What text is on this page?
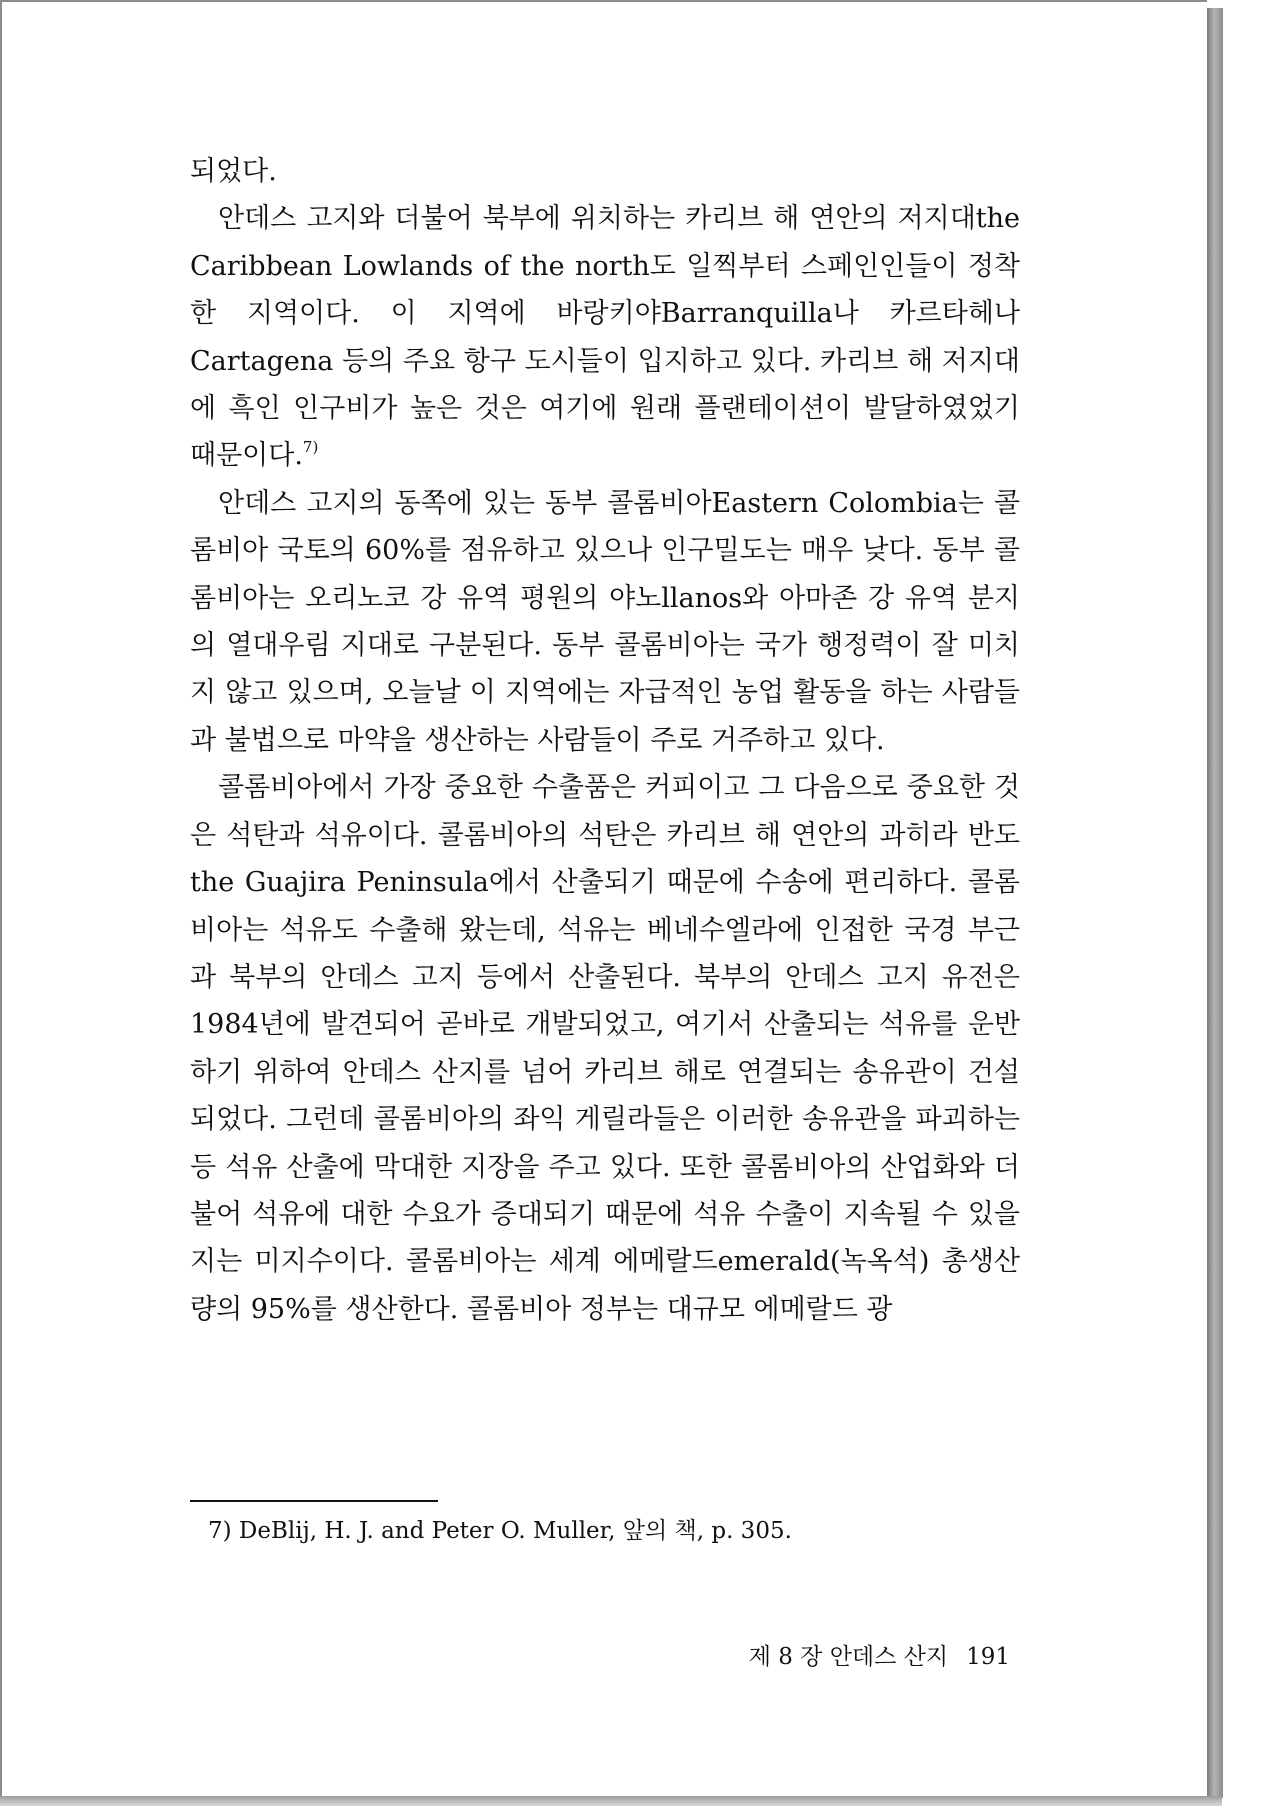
되었다.

안데스 고지와 더불어 북부에 위치하는 카리브 해 연안의 저지대the Caribbean Lowlands of the north도 일찍부터 스페인인들이 정착한 지역이다. 이 지역에 바랑키야Barranquilla나 카르타헤나Cartagena 등의 주요 항구 도시들이 입지하고 있다. 카리브 해 저지대에 흑인 인구비가 높은 것은 여기에 원래 플랜테이션이 발달하였었기 때문이다.$^{7)}$

안데스 고지의 동쪽에 있는 동부 콜롬비아Eastern Colombia는 콜롬비아 국토의 60%를 점유하고 있으나 인구밀도는 매우 낮다. 동부 콜롬비아는 오리노코 강 유역 평원의 야노llanos와 아마존 강 유역 분지의 열대우림 지대로 구분된다. 동부 콜롬비아는 국가 행정력이 잘 미치지 않고 있으며, 오늘날 이 지역에는 자급적인 농업 활동을 하는 사람들과 불법으로 마약을 생산하는 사람들이 주로 거주하고 있다.

콜롬비아에서 가장 중요한 수출품은 커피이고 그 다음으로 중요한 것은 석탄과 석유이다. 콜롬비아의 석탄은 카리브 해 연안의 과히라 반도the Guajira Peninsula에서 산출되기 때문에 수송에 편리하다. 콜롬비아는 석유도 수출해 왔는데, 석유는 베네수엘라에 인접한 국경 부근과 북부의 안데스 고지 등에서 산출된다. 북부의 안데스 고지 유전은 1984년에 발견되어 곧바로 개발되었고, 여기서 산출되는 석유를 운반하기 위하여 안데스 산지를 넘어 카리브 해로 연결되는 송유관이 건설되었다. 그런데 콜롬비아의 좌익 게릴라들은 이러한 송유관을 파괴하는 등 석유 산출에 막대한 지장을 주고 있다. 또한 콜롬비아의 산업화와 더불어 석유에 대한 수요가 증대되기 때문에 석유 수출이 지속될 수 있을지는 미지수이다. 콜롬비아는 세계 에메랄드emerald(녹옥석) 총생산량의 95%를 생산한다. 콜롬비아 정부는 대규모 에메랄드 광

7) DeBlij, H. J. and Peter O. Muller, 앞의 책, p. 305.
제 8 장 안데스 산지 191
